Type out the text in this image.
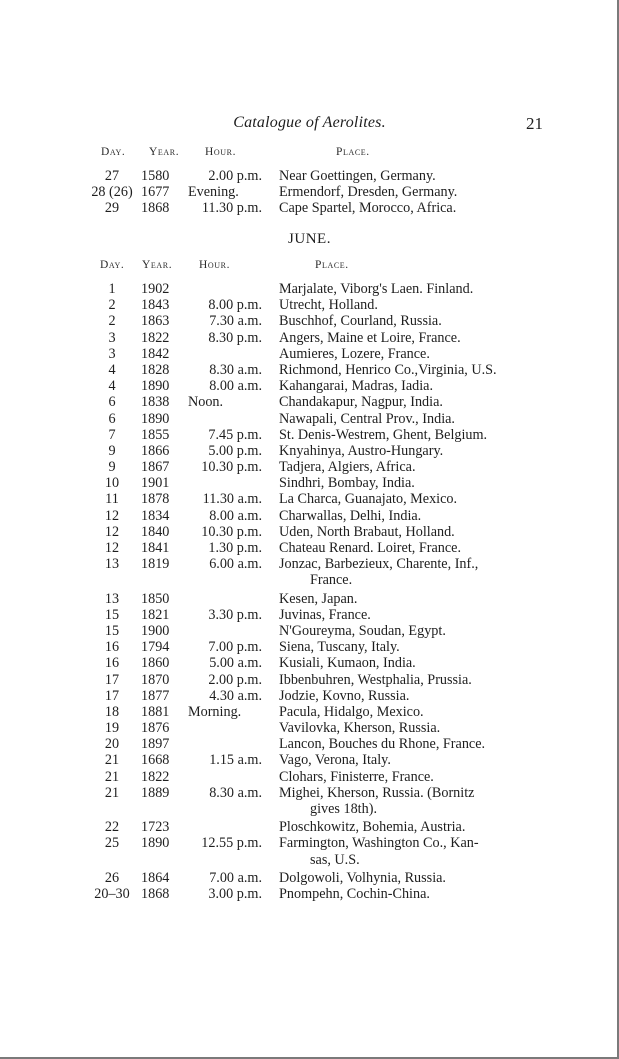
Catalogue of Aerolites.	21
Day. Year. Hour.	Place.
27	1580	2.00 p.m. Near Goettingen, Germany.
28 (26) 1677 Evening.	Ermendorf, Dresden, Germany.
29	1868	11.30 p.m. Cape Spartel, Morocco, Africa.
JUNE.
Day. Year. Hour.	Place.
1	1902	Marjalate, Viborg's Laen. Finland.
2	1843	8.00 p.m. Utrecht, Holland.
2	1863	7.30 a.m. Buschhof, Courland, Russia.
3	1822	8.30 p.m. Angers, Maine et Loire, France.
3	1842	Aumieres, Lozere, France.
4	1828	8.30 a.m. Richmond, Henrico Co.,Virginia, U.S.
4	1890	8.00 a.m. Kahangarai, Madras, Iadia.
6	1838 Noon.	Chandakapur, Nagpur, India.
6	1890	Nawapali, Central Prov., India.
7	1855	7.45 p.m. St. Denis-Westrem, Ghent, Belgium.
9	1866	5.00 p.m. Knyahinya, Austro-Hungary.
9	1867	10.30 p.m. Tadjera, Algiers, Africa.
10	1901	Sindhri, Bombay, India.
11	1878	11.30 a.m. La Charca, Guanajato, Mexico.
12	1834	8.00 a.m. Charwallas, Delhi, India.
12	1840	10.30 p.m. Uden, North Brabaut, Holland.
12	1841	1.30 p.m. Chateau Renard. Loiret, France.
13	1819	6.00 a.m. Jonzac, Barbezieux, Charente, Inf.,
France.
13	1850	Kesen, Japan.
15	1821	3.30 p.m. Juvinas, France.
15	1900	N'Goureyma, Soudan, Egypt.
16	1794	7.00 p.m. Siena, Tuscany, Italy.
16	1860	5.00 a.m. Kusiali, Kumaon, India.
17	1870	2.00 p.m. Ibbenbuhren, Westphalia, Prussia.
17	1877	4.30 a.m. Jodzie, Kovno, Russia.
18	1881 Morning.	Pacula, Hidalgo, Mexico.
19	1876	Vavilovka, Kherson, Russia.
20	1897	Lancon, Bouches du Rhone, France.
21	1668	1.15 a.m. Vago, Verona, Italy.
21	1822	Clohars, Finisterre, France.
21	1889	8.30 a.m. Mighei, Kherson, Russia. (Bornitz
gives 18th).
22	1723	Ploschkowitz, Bohemia, Austria.
25	1890	12.55 p.m. Farmington, Washington Co., Kan-
sas, U.S.
26	1864	7.00 a.m. Dolgowoli, Volhynia, Russia.
20–30 1868	3.00 p.m. Pnompehn, Cochin-China.
